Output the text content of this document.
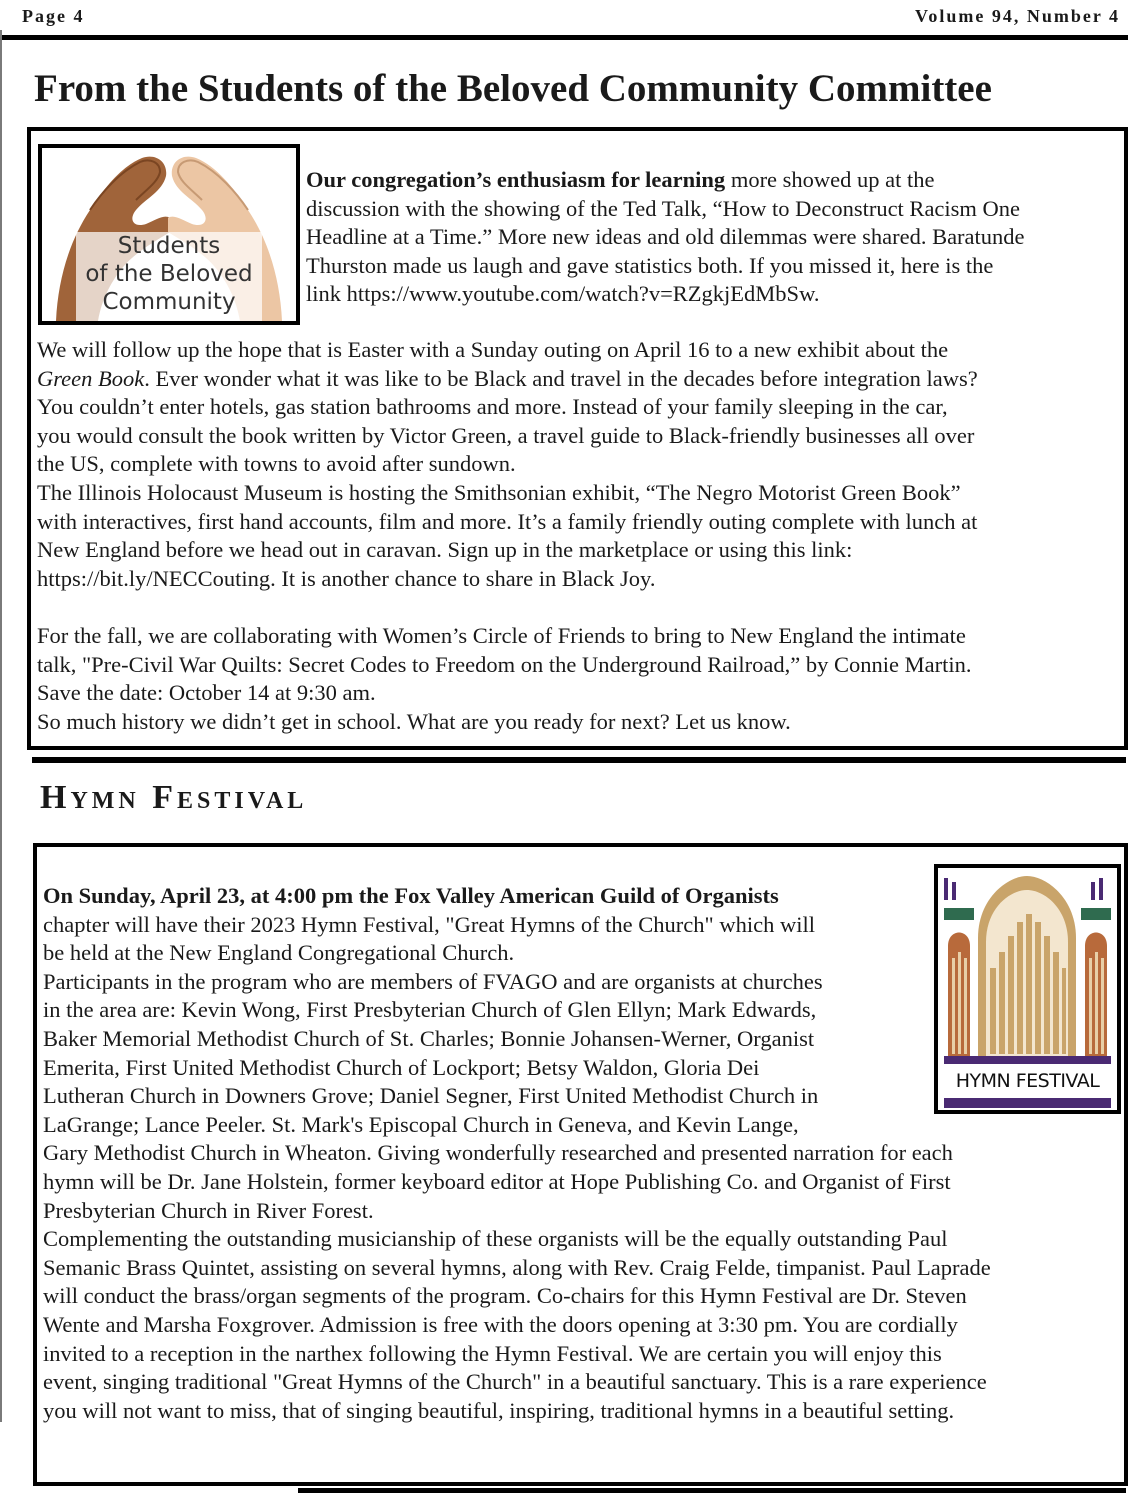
Page 4	Volume 94, Number 4
From the Students of the Beloved Community Committee
Students
of the Beloved
Community
Our congregation’s enthusiasm for learning more showed up at the
discussion with the showing of the Ted Talk, “How to Deconstruct Racism One
Headline at a Time.” More new ideas and old dilemmas were shared. Baratunde
Thurston made us laugh and gave statistics both. If you missed it, here is the
link https://www.youtube.com/watch?v=RZgkjEdMbSw.
We will follow up the hope that is Easter with a Sunday outing on April 16 to a new exhibit about the
Green Book. Ever wonder what it was like to be Black and travel in the decades before integration laws?
You couldn’t enter hotels, gas station bathrooms and more. Instead of your family sleeping in the car,
you would consult the book written by Victor Green, a travel guide to Black-friendly businesses all over
the US, complete with towns to avoid after sundown.
The Illinois Holocaust Museum is hosting the Smithsonian exhibit, “The Negro Motorist Green Book”
with interactives, first hand accounts, film and more. It’s a family friendly outing complete with lunch at
New England before we head out in caravan. Sign up in the marketplace or using this link:
https://bit.ly/NECCouting. It is another chance to share in Black Joy.

For the fall, we are collaborating with Women’s Circle of Friends to bring to New England the intimate
talk, "Pre-Civil War Quilts: Secret Codes to Freedom on the Underground Railroad,” by Connie Martin.
Save the date: October 14 at 9:30 am.
So much history we didn’t get in school. What are you ready for next? Let us know.
Hymn Festival
HYMN FESTIVAL
On Sunday, April 23, at 4:00 pm the Fox Valley American Guild of Organists
chapter will have their 2023 Hymn Festival, "Great Hymns of the Church" which will
be held at the New England Congregational Church.
Participants in the program who are members of FVAGO and are organists at churches
in the area are: Kevin Wong, First Presbyterian Church of Glen Ellyn; Mark Edwards,
Baker Memorial Methodist Church of St. Charles; Bonnie Johansen-Werner, Organist
Emerita, First United Methodist Church of Lockport; Betsy Waldon, Gloria Dei
Lutheran Church in Downers Grove; Daniel Segner, First United Methodist Church in
LaGrange; Lance Peeler. St. Mark's Episcopal Church in Geneva, and Kevin Lange,
Gary Methodist Church in Wheaton. Giving wonderfully researched and presented narration for each
hymn will be Dr. Jane Holstein, former keyboard editor at Hope Publishing Co. and Organist of First
Presbyterian Church in River Forest.
Complementing the outstanding musicianship of these organists will be the equally outstanding Paul
Semanic Brass Quintet, assisting on several hymns, along with Rev. Craig Felde, timpanist. Paul Laprade
will conduct the brass/organ segments of the program. Co-chairs for this Hymn Festival are Dr. Steven
Wente and Marsha Foxgrover. Admission is free with the doors opening at 3:30 pm. You are cordially
invited to a reception in the narthex following the Hymn Festival. We are certain you will enjoy this
event, singing traditional "Great Hymns of the Church" in a beautiful sanctuary. This is a rare experience
you will not want to miss, that of singing beautiful, inspiring, traditional hymns in a beautiful setting.
